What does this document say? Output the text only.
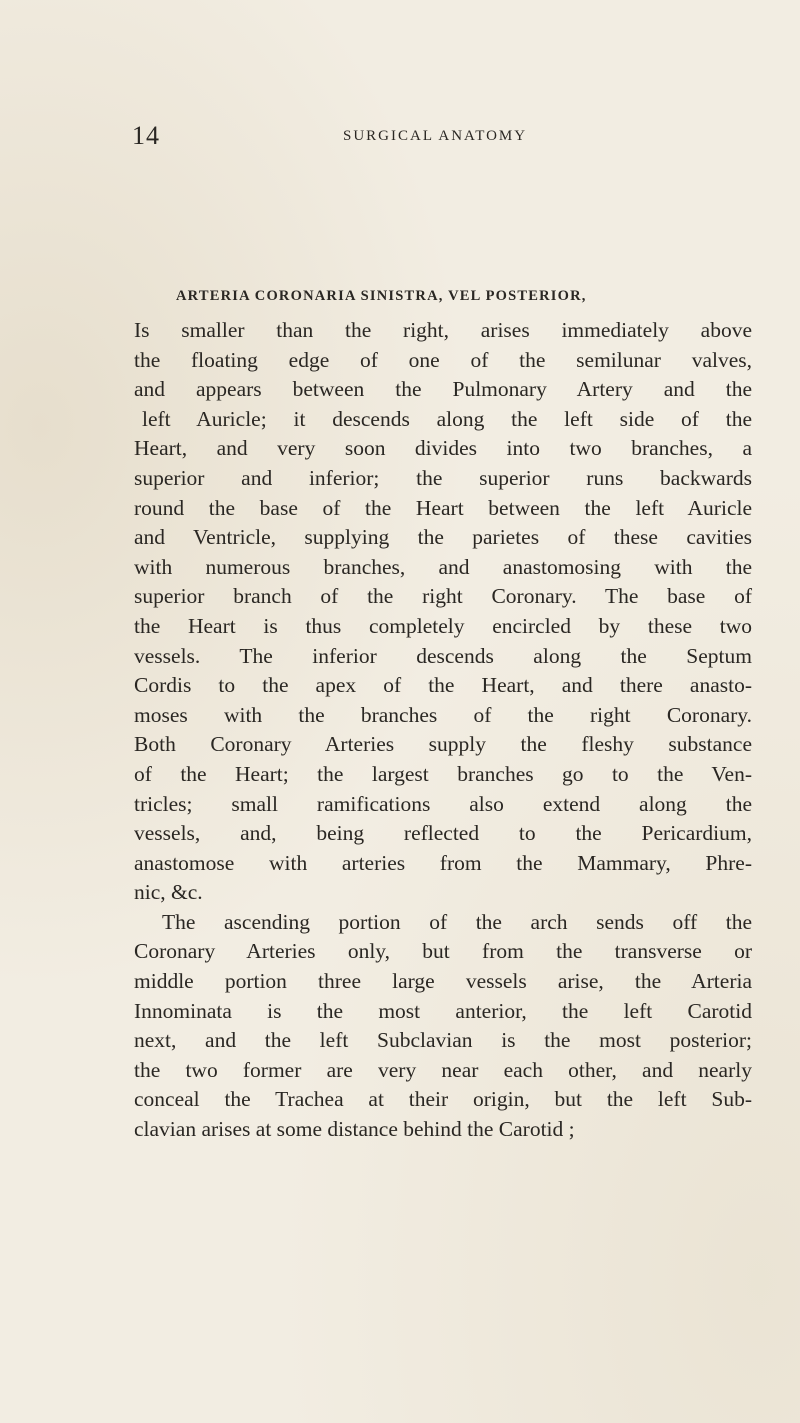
14	SURGICAL ANATOMY
ARTERIA CORONARIA SINISTRA, VEL POSTERIOR,
Is smaller than the right, arises immediately above
the floating edge of one of the semilunar valves,
and appears between the Pulmonary Artery and the
left Auricle; it descends along the left side of the
Heart, and very soon divides into two branches, a
superior and inferior; the superior runs backwards
round the base of the Heart between the left Auricle
and Ventricle, supplying the parietes of these cavities
with numerous branches, and anastomosing with the
superior branch of the right Coronary. The base of
the Heart is thus completely encircled by these two
vessels. The inferior descends along the Septum
Cordis to the apex of the Heart, and there anasto-
moses with the branches of the right Coronary.
Both Coronary Arteries supply the fleshy substance
of the Heart; the largest branches go to the Ven-
tricles; small ramifications also extend along the
vessels, and, being reflected to the Pericardium,
anastomose with arteries from the Mammary, Phre-
nic, &c.
The ascending portion of the arch sends off the
Coronary Arteries only, but from the transverse or
middle portion three large vessels arise, the Arteria
Innominata is the most anterior, the left Carotid
next, and the left Subclavian is the most posterior;
the two former are very near each other, and nearly
conceal the Trachea at their origin, but the left Sub-
clavian arises at some distance behind the Carotid ;
